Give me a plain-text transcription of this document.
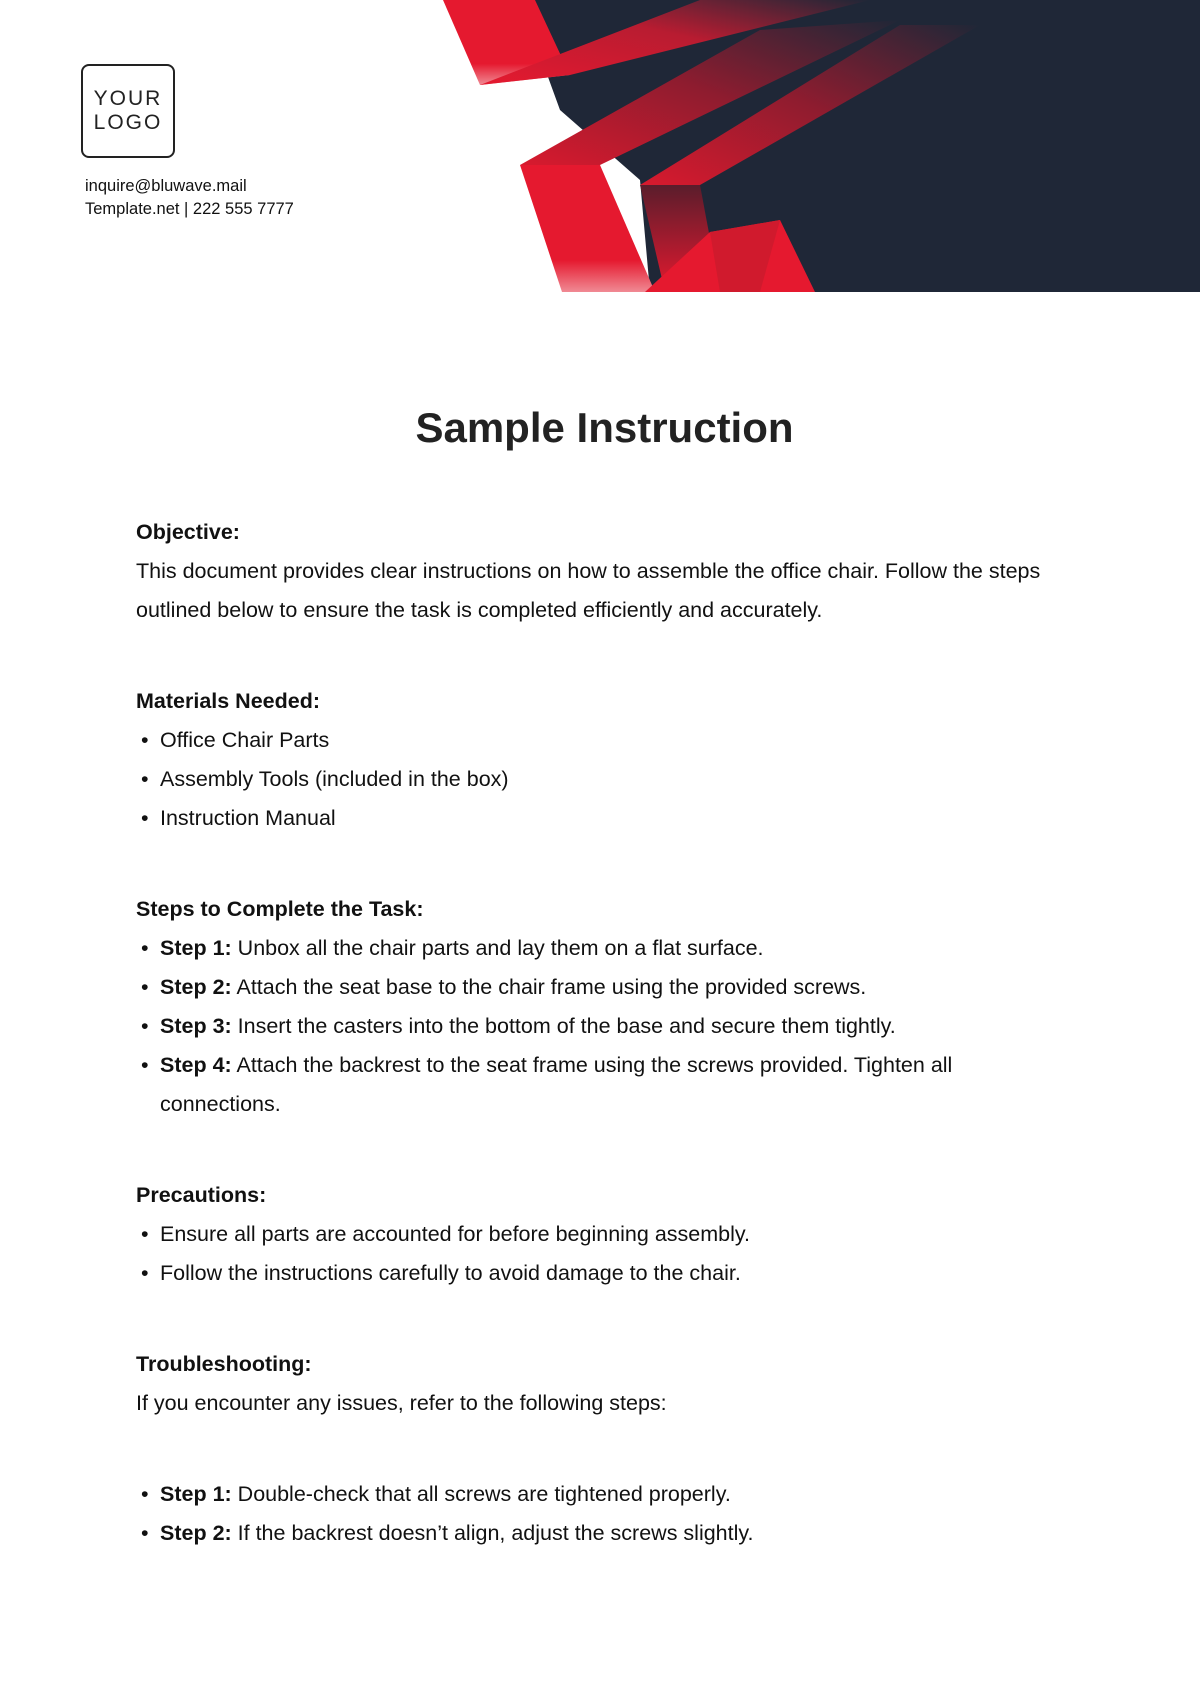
YOUR
LOGO
inquire@bluwave.mail
Template.net | 222 555 7777
Sample Instruction
Objective:

This document provides clear instructions on how to assemble the office chair. Follow the steps outlined below to ensure the task is completed efficiently and accurately.

Materials Needed:
• Office Chair Parts
• Assembly Tools (included in the box)
• Instruction Manual
Steps to Complete the Task:
• Step 1: Unbox all the chair parts and lay them on a flat surface.
• Step 2: Attach the seat base to the chair frame using the provided screws.
• Step 3: Insert the casters into the bottom of the base and secure them tightly.
• Step 4: Attach the backrest to the seat frame using the screws provided. Tighten all connections.
Precautions:
• Ensure all parts are accounted for before beginning assembly.
• Follow the instructions carefully to avoid damage to the chair.
Troubleshooting:

If you encounter any issues, refer to the following steps:

• Step 1: Double-check that all screws are tightened properly.
• Step 2: If the backrest doesn’t align, adjust the screws slightly.
